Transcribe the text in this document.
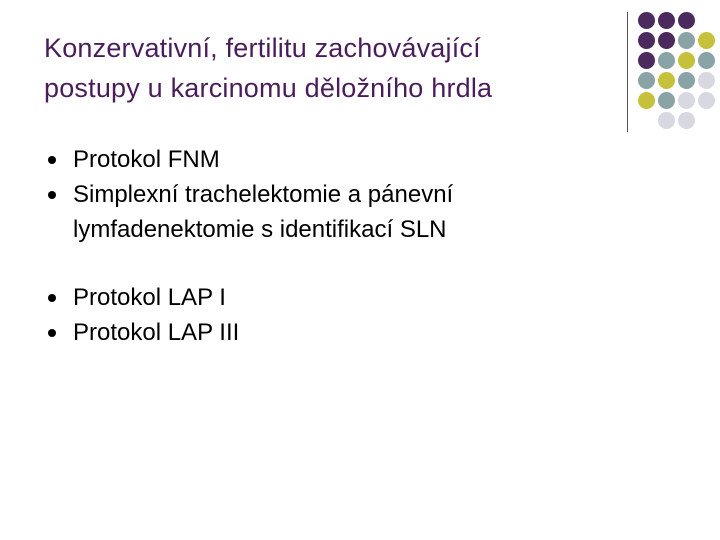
Konzervativní, fertilitu zachovávající
postupy u karcinomu děložního hrdla
Protokol FNM
Simplexní trachelektomie a pánevní lymfadenektomie s identifikací SLN
Protokol LAP I
Protokol LAP III
